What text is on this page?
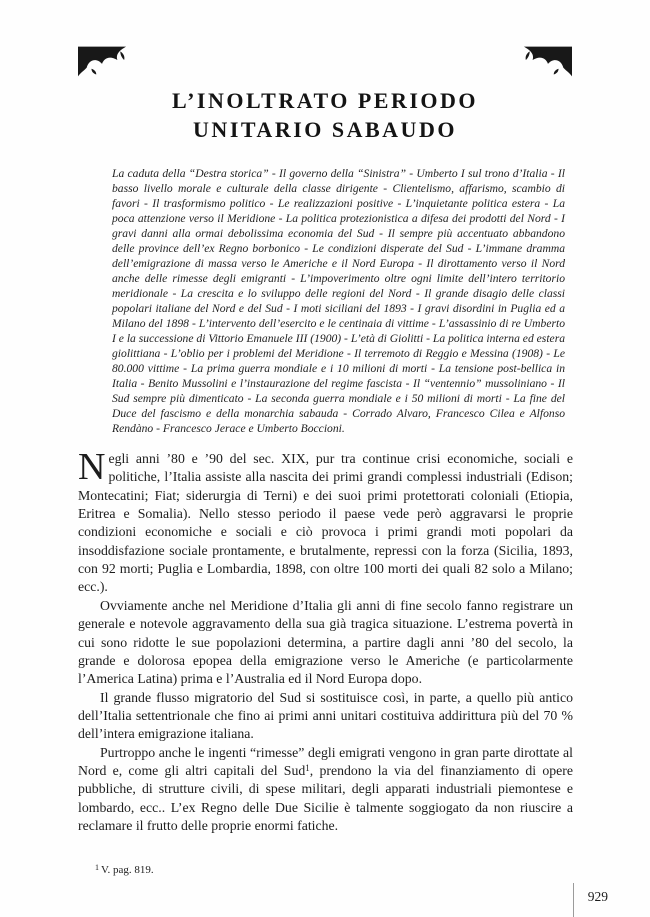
L’INOLTRATO PERIODO
UNITARIO SABAUDO

La caduta della “Destra storica” - Il governo della “Sinistra” - Umberto I sul trono d’Italia - Il basso livello morale e culturale della classe dirigente - Clientelismo, affarismo, scambio di favori - Il trasformismo politico - Le realizzazioni positive - L’inquietante politica estera - La poca attenzione verso il Meridione - La politica protezionistica a difesa dei prodotti del Nord - I gravi danni alla ormai debolissima economia del Sud - Il sempre più accentuato abbandono delle province dell’ex Regno borbonico - Le condizioni disperate del Sud - L’immane dramma dell’emigrazione di massa verso le Americhe e il Nord Europa - Il dirottamento verso il Nord anche delle rimesse degli emigranti - L’impoverimento oltre ogni limite dell’intero territorio meridionale - La crescita e lo sviluppo delle regioni del Nord - Il grande disagio delle classi popolari italiane del Nord e del Sud - I moti siciliani del 1893 - I gravi disordini in Puglia ed a Milano del 1898 - L’intervento dell’esercito e le centinaia di vittime - L’assassinio di re Umberto I e la successione di Vittorio Emanuele III (1900) - L’età di Giolitti - La politica interna ed estera giolittiana - L’oblio per i problemi del Meridione - Il terremoto di Reggio e Messina (1908) - Le 80.000 vittime - La prima guerra mondiale e i 10 milioni di morti - La tensione post-bellica in Italia - Benito Mussolini e l’instaurazione del regime fascista - Il “ventennio” mussoliniano - Il Sud sempre più dimenticato - La seconda guerra mondiale e i 50 milioni di morti - La fine del Duce del fascismo e della monarchia sabauda - Corrado Alvaro, Francesco Cilea e Alfonso Rendàno - Francesco Jerace e Umberto Boccioni.

Negli anni ’80 e ’90 del sec. XIX, pur tra continue crisi economiche, sociali e politiche, l’Italia assiste alla nascita dei primi grandi complessi industriali (Edison; Montecatini; Fiat; siderurgia di Terni) e dei suoi primi protettorati coloniali (Etiopia, Eritrea e Somalia). Nello stesso periodo il paese vede però aggravarsi le proprie condizioni economiche e sociali e ciò provoca i primi grandi moti popolari da insoddisfazione sociale prontamente, e brutalmente, repressi con la forza (Sicilia, 1893, con 92 morti; Puglia e Lombardia, 1898, con oltre 100 morti dei quali 82 solo a Milano; ecc.).

Ovviamente anche nel Meridione d’Italia gli anni di fine secolo fanno registrare un generale e notevole aggravamento della sua già tragica situazione. L’estrema povertà in cui sono ridotte le sue popolazioni determina, a partire dagli anni ’80 del secolo, la grande e dolorosa epopea della emigrazione verso le Americhe (e particolarmente l’America Latina) prima e l’Australia ed il Nord Europa dopo.

Il grande flusso migratorio del Sud si sostituisce così, in parte, a quello più antico dell’Italia settentrionale che fino ai primi anni unitari costituiva addirittura più del 70 % dell’intera emigrazione italiana.

Purtroppo anche le ingenti “rimesse” degli emigrati vengono in gran parte dirottate al Nord e, come gli altri capitali del Sud$^1$, prendono la via del finanziamento di opere pubbliche, di strutture civili, di spese militari, degli apparati industriali piemontese e lombardo, ecc.. L’ex Regno delle Due Sicilie è talmente soggiogato da non riuscire a reclamare il frutto delle proprie enormi fatiche.

$^1$ V. pag. 819.
929
